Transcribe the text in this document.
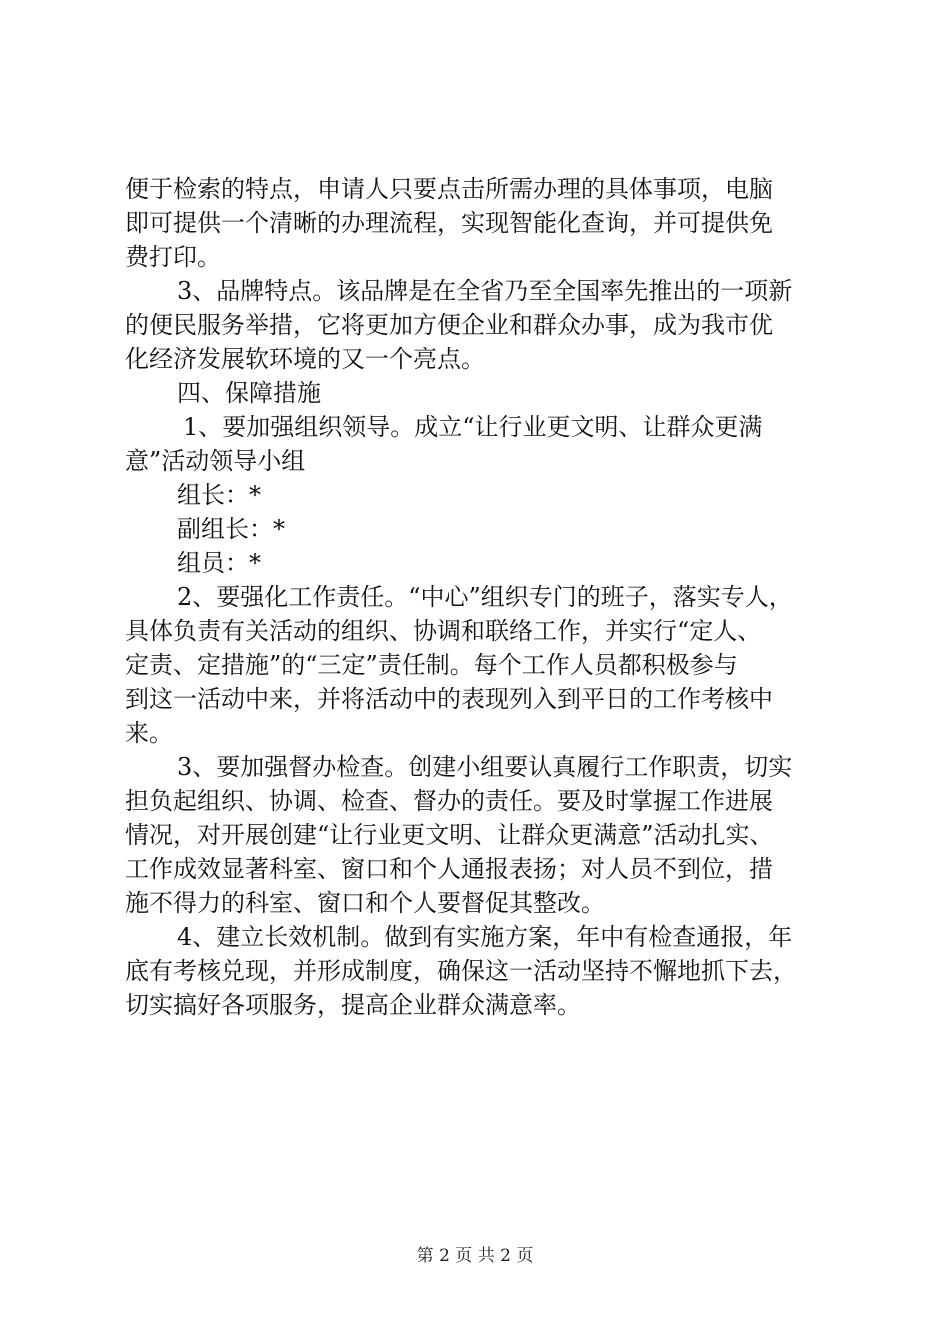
便于检索的特点，申请人只要点击所需办理的具体事项，电脑
即可提供一个清晰的办理流程，实现智能化查询，并可提供免
费打印。
3、品牌特点。该品牌是在全省乃至全国率先推出的一项新
的便民服务举措，它将更加方便企业和群众办事，成为我市优
化经济发展软环境的又一个亮点。
四、保障措施
1、要加强组织领导。成立“让行业更文明、让群众更满
意”活动领导小组
组长：*
副组长：*
组员：*
2、要强化工作责任。“中心”组织专门的班子，落实专人，
具体负责有关活动的组织、协调和联络工作，并实行“定人、
定责、定措施”的“三定”责任制。每个工作人员都积极参与
到这一活动中来，并将活动中的表现列入到平日的工作考核中
来。
3、要加强督办检查。创建小组要认真履行工作职责，切实
担负起组织、协调、检查、督办的责任。要及时掌握工作进展
情况，对开展创建“让行业更文明、让群众更满意”活动扎实、
工作成效显著科室、窗口和个人通报表扬；对人员不到位，措
施不得力的科室、窗口和个人要督促其整改。
4、建立长效机制。做到有实施方案，年中有检查通报，年
底有考核兑现，并形成制度，确保这一活动坚持不懈地抓下去，
切实搞好各项服务，提高企业群众满意率。
第 2 页 共 2 页
